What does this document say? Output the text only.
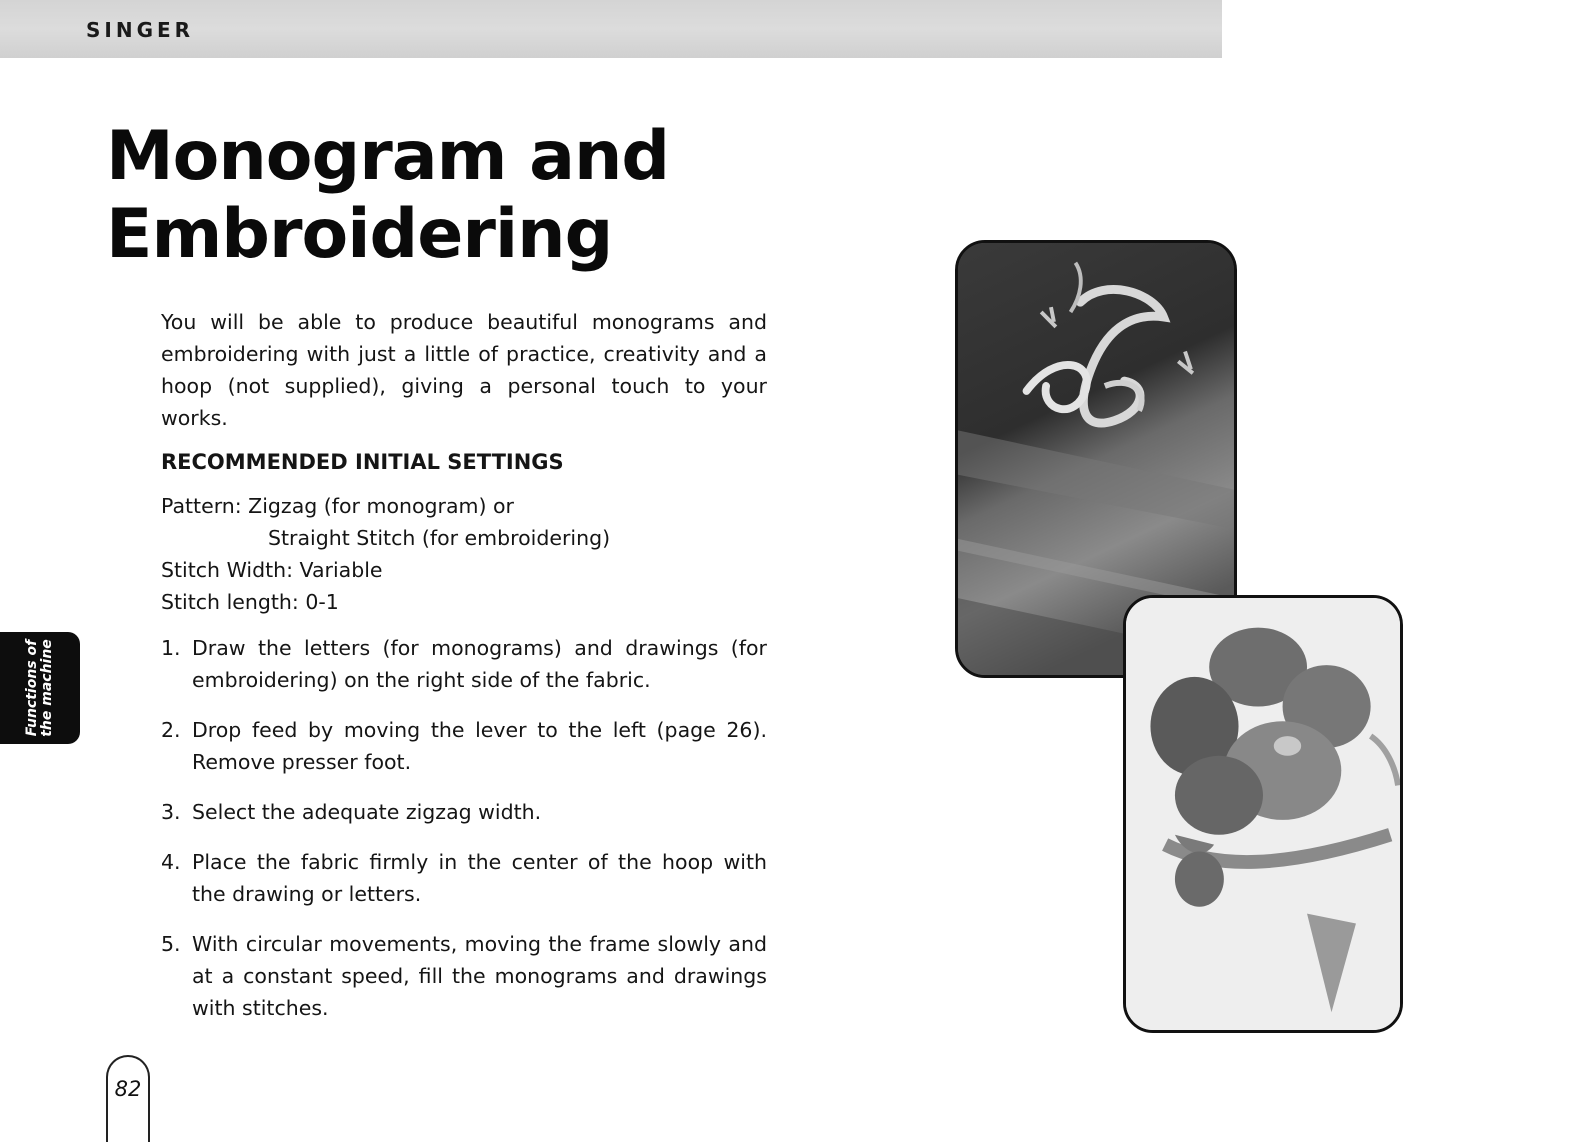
SINGER
Monogram and
Embroidering

You will be able to produce beautiful monograms and embroidering with just a little of practice, creativity and a hoop (not supplied), giving a personal touch to your works.

RECOMMENDED INITIAL SETTINGS
Pattern: Zigzag (for monogram) or
Straight Stitch (for embroidering)
Stitch Width: Variable
Stitch length: 0-1
1. Draw the letters (for monograms) and drawings (for embroidering) on the right side of the fabric.
2. Drop feed by moving the lever to the left (page 26). Remove presser foot.
3. Select the adequate zigzag width.
4. Place the fabric firmly in the center of the hoop with the drawing or letters.
5. With circular movements, moving the frame slowly and at a constant speed, fill the monograms and drawings with stitches.
Functions of
the machine
82
